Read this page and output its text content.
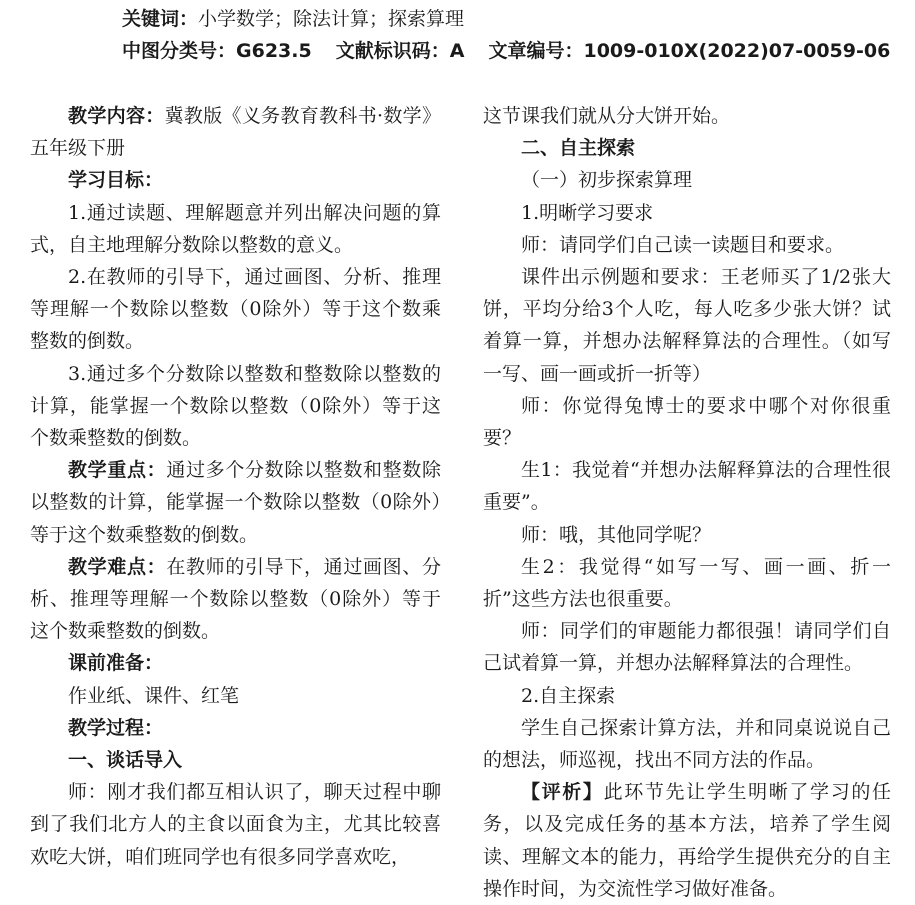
关键词：小学数学；除法计算；探索算理
中图分类号：G623.5 文献标识码：A 文章编号：1009-010X(2022)07-0059-06

教学内容：冀教版《义务教育教科书·数学》五年级下册

学习目标：

1.通过读题、理解题意并列出解决问题的算式，自主地理解分数除以整数的意义。

2.在教师的引导下，通过画图、分析、推理等理解一个数除以整数（0除外）等于这个数乘整数的倒数。

3.通过多个分数除以整数和整数除以整数的计算，能掌握一个数除以整数（0除外）等于这个数乘整数的倒数。

教学重点：通过多个分数除以整数和整数除以整数的计算，能掌握一个数除以整数（0除外）等于这个数乘整数的倒数。

教学难点：在教师的引导下，通过画图、分析、推理等理解一个数除以整数（0除外）等于这个数乘整数的倒数。

课前准备：

作业纸、课件、红笔

教学过程：

一、谈话导入

师：刚才我们都互相认识了，聊天过程中聊到了我们北方人的主食以面食为主，尤其比较喜欢吃大饼，咱们班同学也有很多同学喜欢吃，

这节课我们就从分大饼开始。

二、自主探索

（一）初步探索算理

1.明晰学习要求

师：请同学们自己读一读题目和要求。

课件出示例题和要求：王老师买了1/2张大饼，平均分给3个人吃，每人吃多少张大饼？试着算一算，并想办法解释算法的合理性。（如写一写、画一画或折一折等）

师：你觉得兔博士的要求中哪个对你很重要？

生1：我觉着“并想办法解释算法的合理性很重要”。

师：哦，其他同学呢？

生2：我觉得“如写一写、画一画、折一折”这些方法也很重要。

师：同学们的审题能力都很强！请同学们自己试着算一算，并想办法解释算法的合理性。

2.自主探索

学生自己探索计算方法，并和同桌说说自己的想法，师巡视，找出不同方法的作品。

【评析】此环节先让学生明晰了学习的任务，以及完成任务的基本方法，培养了学生阅读、理解文本的能力，再给学生提供充分的自主操作时间，为交流性学习做好准备。
